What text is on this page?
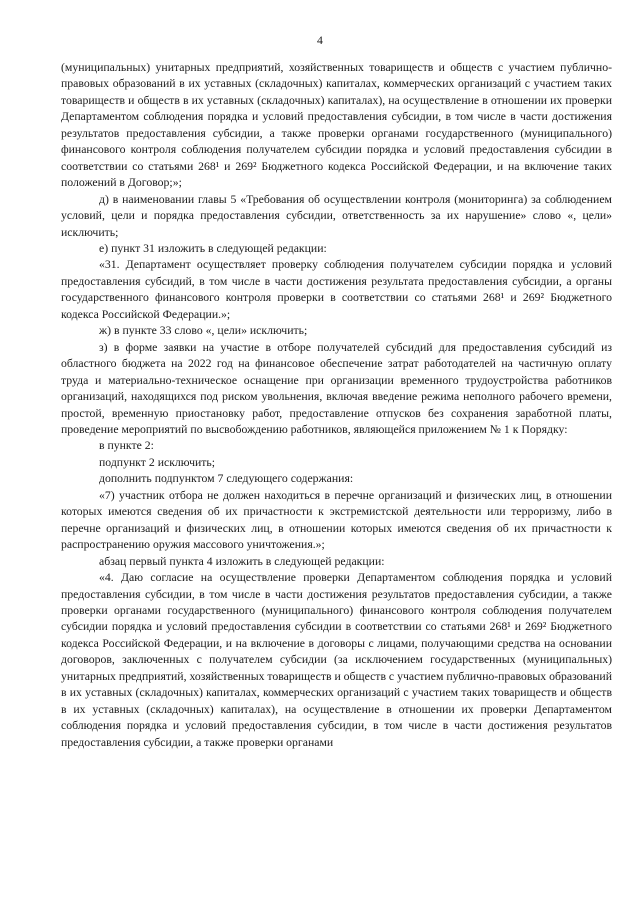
4

(муниципальных) унитарных предприятий, хозяйственных товариществ и обществ с участием публично-правовых образований в их уставных (складочных) капиталах, коммерческих организаций с участием таких товариществ и обществ в их уставных (складочных) капиталах), на осуществление в отношении их проверки Департаментом соблюдения порядка и условий предоставления субсидии, в том числе в части достижения результатов предоставления субсидии, а также проверки органами государственного (муниципального) финансового контроля соблюдения получателем субсидии порядка и условий предоставления субсидии в соответствии со статьями 268¹ и 269² Бюджетного кодекса Российской Федерации, и на включение таких положений в Договор;»;

д) в наименовании главы 5 «Требования об осуществлении контроля (мониторинга) за соблюдением условий, цели и порядка предоставления субсидии, ответственность за их нарушение» слово «, цели» исключить;

е) пункт 31 изложить в следующей редакции:

«31. Департамент осуществляет проверку соблюдения получателем субсидии порядка и условий предоставления субсидий, в том числе в части достижения результата предоставления субсидии, а органы государственного финансового контроля проверки в соответствии со статьями 268¹ и 269² Бюджетного кодекса Российской Федерации.»;

ж) в пункте 33 слово «, цели» исключить;

з) в форме заявки на участие в отборе получателей субсидий для предоставления субсидий из областного бюджета на 2022 год на финансовое обеспечение затрат работодателей на частичную оплату труда и материально-техническое оснащение при организации временного трудоустройства работников организаций, находящихся под риском увольнения, включая введение режима неполного рабочего времени, простой, временную приостановку работ, предоставление отпусков без сохранения заработной платы, проведение мероприятий по высвобождению работников, являющейся приложением № 1 к Порядку:

в пункте 2:

подпункт 2 исключить;

дополнить подпунктом 7 следующего содержания:

«7) участник отбора не должен находиться в перечне организаций и физических лиц, в отношении которых имеются сведения об их причастности к экстремистской деятельности или терроризму, либо в перечне организаций и физических лиц, в отношении которых имеются сведения об их причастности к распространению оружия массового уничтожения.»;

абзац первый пункта 4 изложить в следующей редакции:

«4. Даю согласие на осуществление проверки Департаментом соблюдения порядка и условий предоставления субсидии, в том числе в части достижения результатов предоставления субсидии, а также проверки органами государственного (муниципального) финансового контроля соблюдения получателем субсидии порядка и условий предоставления субсидии в соответствии со статьями 268¹ и 269² Бюджетного кодекса Российской Федерации, и на включение в договоры с лицами, получающими средства на основании договоров, заключенных с получателем субсидии (за исключением государственных (муниципальных) унитарных предприятий, хозяйственных товариществ и обществ с участием публично-правовых образований в их уставных (складочных) капиталах, коммерческих организаций с участием таких товариществ и обществ в их уставных (складочных) капиталах), на осуществление в отношении их проверки Департаментом соблюдения порядка и условий предоставления субсидии, в том числе в части достижения результатов предоставления субсидии, а также проверки органами
